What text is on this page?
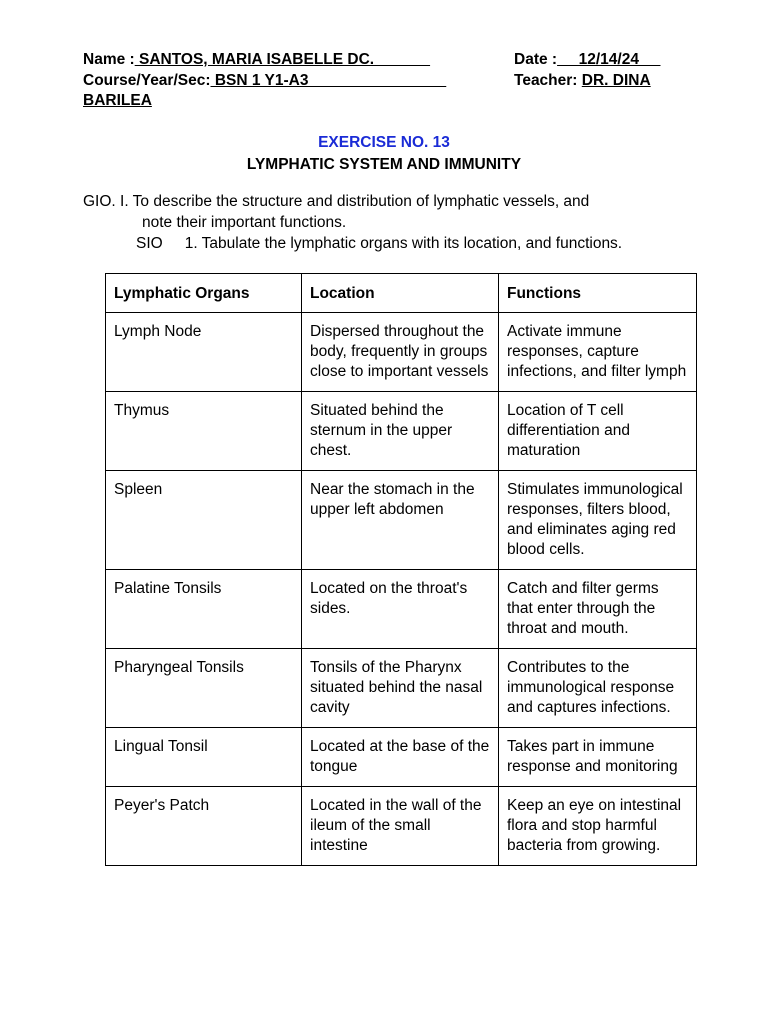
Name : SANTOS, MARIA ISABELLE DC.	Date :     12/14/24
Course/Year/Sec: BSN 1 Y1-A3	Teacher: DR. DINA
BARILEA
EXERCISE NO. 13
LYMPHATIC SYSTEM AND IMMUNITY
GIO. I. To describe the structure and distribution of lymphatic vessels, and
note their important functions.
SIO 1. Tabulate the lymphatic organs with its location, and functions.
Lymphatic Organs	Location	Functions
Lymph Node	Dispersed throughout the body, frequently in groups close to important vessels	Activate immune responses, capture infections, and filter lymph
Thymus	Situated behind the sternum in the upper chest.	Location of T cell differentiation and maturation
Spleen	Near the stomach in the upper left abdomen	Stimulates immunological responses, filters blood, and eliminates aging red blood cells.
Palatine Tonsils	Located on the throat's sides.	Catch and filter germs that enter through the throat and mouth.
Pharyngeal Tonsils	Tonsils of the Pharynx situated behind the nasal cavity	Contributes to the immunological response and captures infections.
Lingual Tonsil	Located at the base of the tongue	Takes part in immune response and monitoring
Peyer's Patch	Located in the wall of the ileum of the small intestine	Keep an eye on intestinal flora and stop harmful bacteria from growing.
